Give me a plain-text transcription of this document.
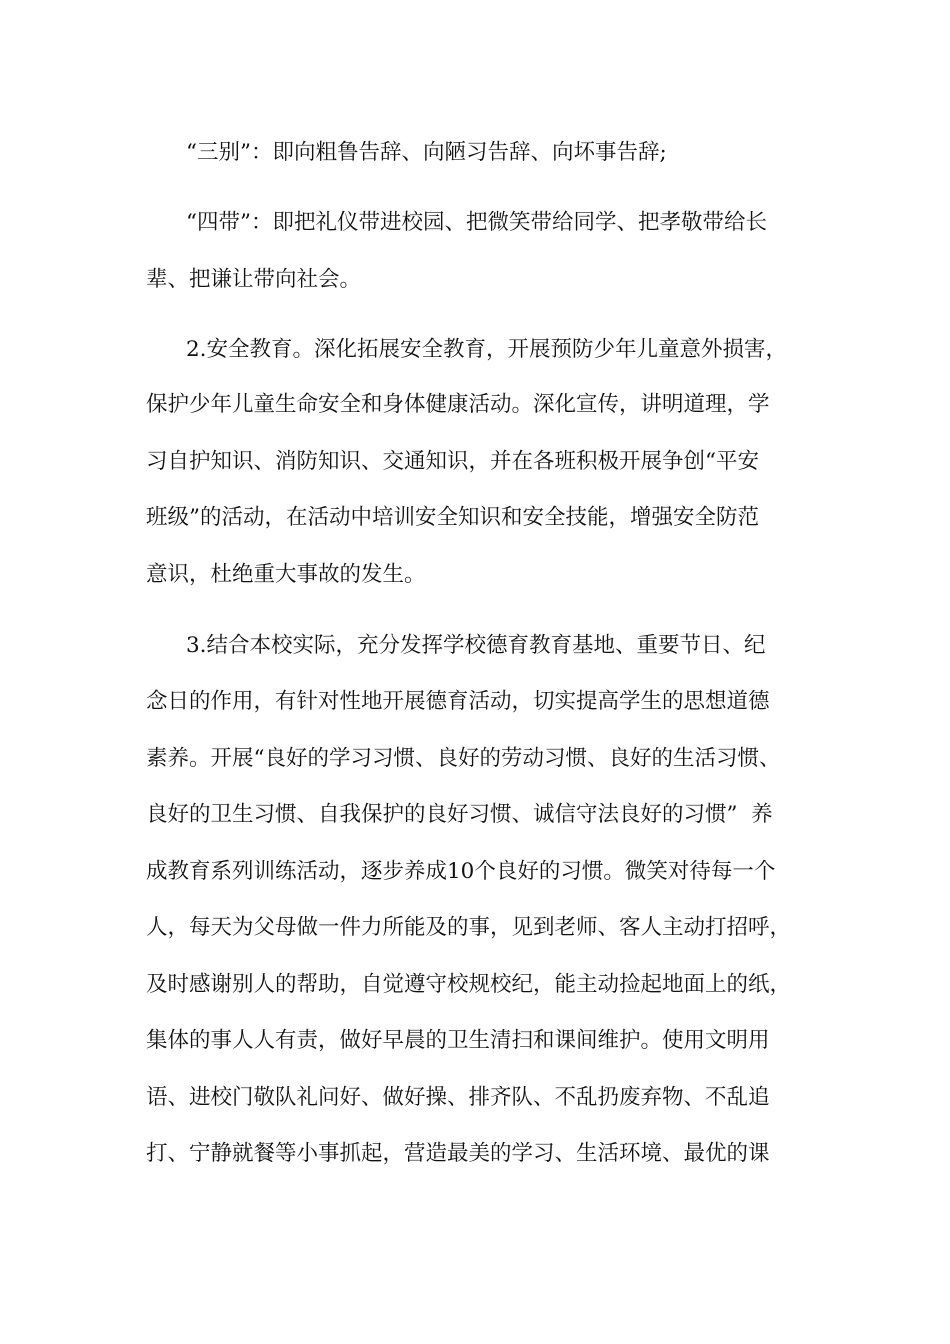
“三别”：即向粗鲁告辞、向陋习告辞、向坏事告辞;
“四带”：即把礼仪带进校园、把微笑带给同学、把孝敬带给长
辈、把谦让带向社会。
2.安全教育。深化拓展安全教育，开展预防少年儿童意外损害，
保护少年儿童生命安全和身体健康活动。深化宣传，讲明道理，学
习自护知识、消防知识、交通知识，并在各班积极开展争创“平安
班级”的活动，在活动中培训安全知识和安全技能，增强安全防范
意识，杜绝重大事故的发生。
3.结合本校实际，充分发挥学校德育教育基地、重要节日、纪
念日的作用，有针对性地开展德育活动，切实提高学生的思想道德
素养。开展“良好的学习习惯、良好的劳动习惯、良好的生活习惯、
良好的卫生习惯、自我保护的良好习惯、诚信守法良好的习惯”  养
成教育系列训练活动，逐步养成10个良好的习惯。微笑对待每一个
人，每天为父母做一件力所能及的事，见到老师、客人主动打招呼，
及时感谢别人的帮助，自觉遵守校规校纪，能主动捡起地面上的纸，
集体的事人人有责，做好早晨的卫生清扫和课间维护。使用文明用
语、进校门敬队礼问好、做好操、排齐队、不乱扔废弃物、不乱追
打、宁静就餐等小事抓起，营造最美的学习、生活环境、最优的课
